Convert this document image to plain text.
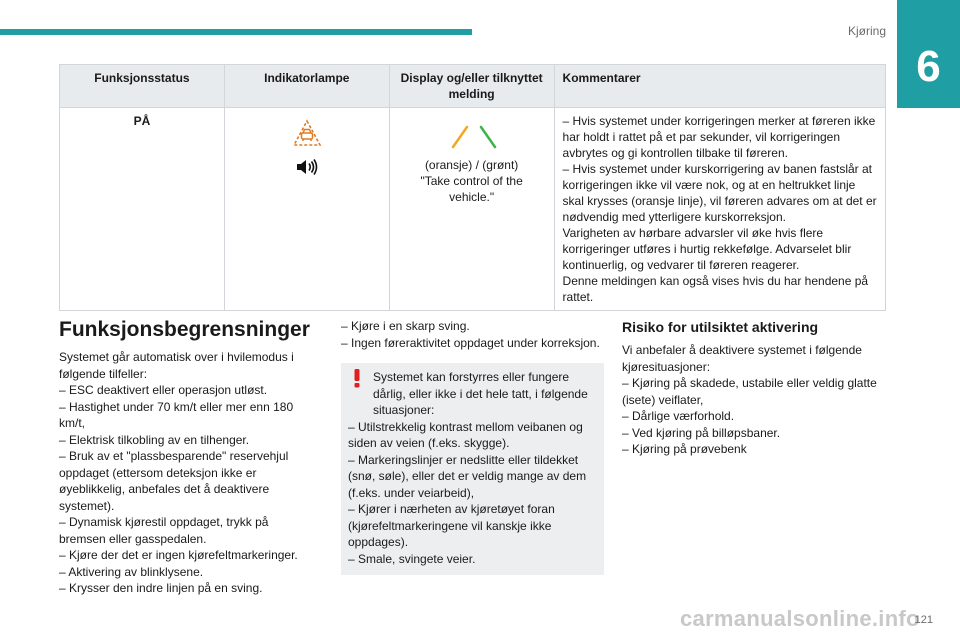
Kjøring
6
Funksjonsstatus	Indikatorlampe	Display og/eller tilknyttet melding	Kommentarer
PÅ		(oransje) / (grønt)
"Take control of the vehicle."	– Hvis systemet under korrigeringen merker at føreren ikke har holdt i rattet på et par sekunder, vil korrigeringen avbrytes og gi kontrollen tilbake til føreren.
– Hvis systemet under kurskorrigering av banen fastslår at korrigeringen ikke vil være nok, og at en heltrukket linje skal krysses (oransje linje), vil føreren advares om at det er nødvendig med ytterligere kurskorreksjon.
Varigheten av hørbare advarsler vil øke hvis flere korrigeringer utføres i hurtig rekkefølge. Advarselet blir kontinuerlig, og vedvarer til føreren reagerer.
Denne meldingen kan også vises hvis du har hendene på rattet.
Funksjonsbegrensninger
Systemet går automatisk over i hvilemodus i følgende tilfeller:
– ESC deaktivert eller operasjon utløst.
– Hastighet under 70 km/t eller mer enn 180 km/t,
– Elektrisk tilkobling av en tilhenger.
– Bruk av et "plassbesparende" reservehjul oppdaget (ettersom deteksjon ikke er øyeblikkelig, anbefales det å deaktivere systemet).
– Dynamisk kjørestil oppdaget, trykk på bremsen eller gasspedalen.
– Kjøre der det er ingen kjørefeltmarkeringer.
– Aktivering av blinklysene.
– Krysser den indre linjen på en sving.
– Kjøre i en skarp sving.
– Ingen føreraktivitet oppdaget under korreksjon.
Systemet kan forstyrres eller fungere dårlig, eller ikke i det hele tatt, i følgende situasjoner:
– Utilstrekkelig kontrast mellom veibanen og siden av veien (f.eks. skygge).
– Markeringslinjer er nedslitte eller tildekket (snø, søle), eller det er veldig mange av dem (f.eks. under veiarbeid),
– Kjører i nærheten av kjøretøyet foran (kjørefeltmarkeringene vil kanskje ikke oppdages).
– Smale, svingete veier.
Risiko for utilsiktet aktivering
Vi anbefaler å deaktivere systemet i følgende kjøresituasjoner:
– Kjøring på skadede, ustabile eller veldig glatte (isete) veiflater,
– Dårlige værforhold.
– Ved kjøring på billøpsbaner.
– Kjøring på prøvebenk
carmanualsonline.info
121
